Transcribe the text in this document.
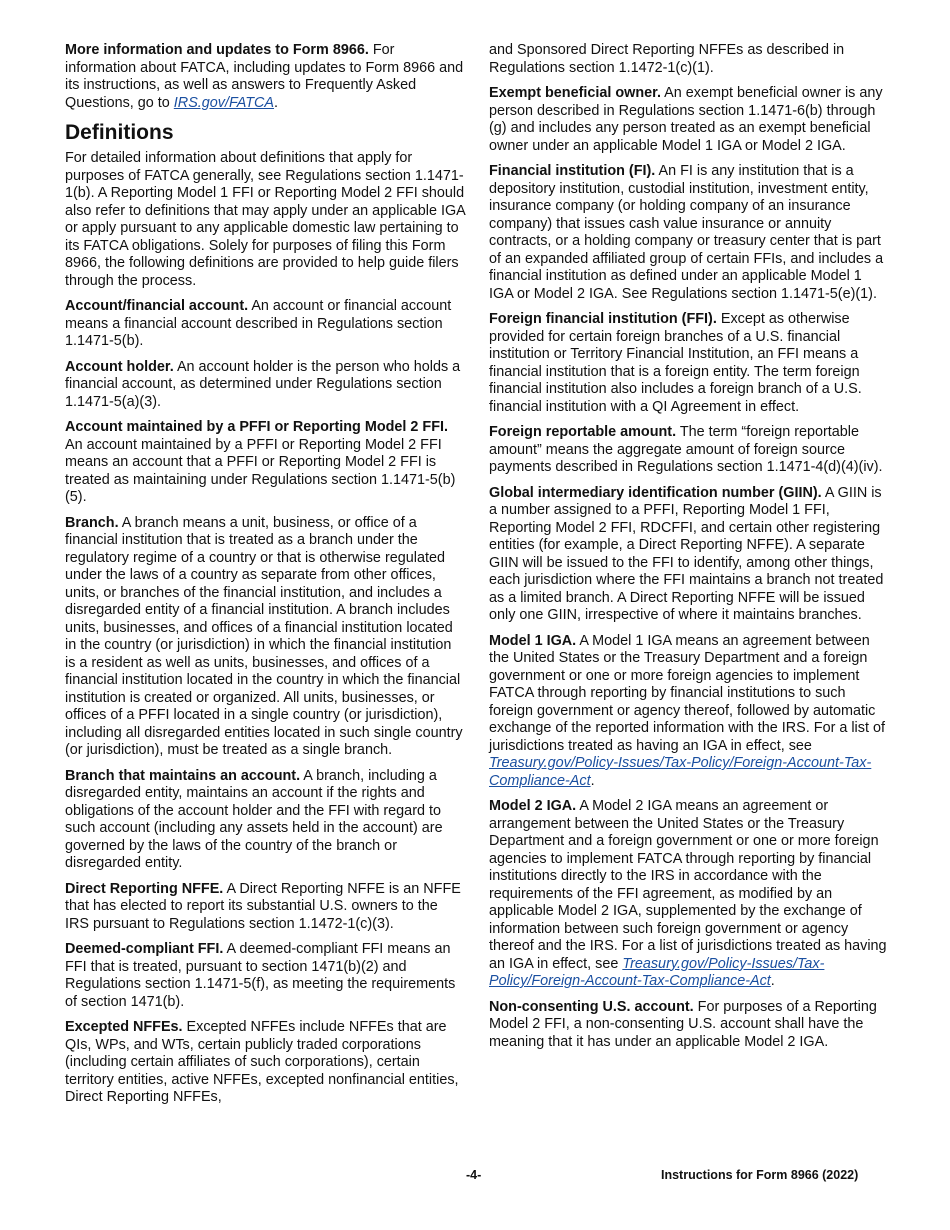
More information and updates to Form 8966. For information about FATCA, including updates to Form 8966 and its instructions, as well as answers to Frequently Asked Questions, go to IRS.gov/FATCA.

Definitions

For detailed information about definitions that apply for purposes of FATCA generally, see Regulations section 1.1471-1(b). A Reporting Model 1 FFI or Reporting Model 2 FFI should also refer to definitions that may apply under an applicable IGA or apply pursuant to any applicable domestic law pertaining to its FATCA obligations. Solely for purposes of filing this Form 8966, the following definitions are provided to help guide filers through the process.

Account/financial account. An account or financial account means a financial account described in Regulations section 1.1471-5(b).

Account holder. An account holder is the person who holds a financial account, as determined under Regulations section 1.1471-5(a)(3).

Account maintained by a PFFI or Reporting Model 2 FFI. An account maintained by a PFFI or Reporting Model 2 FFI means an account that a PFFI or Reporting Model 2 FFI is treated as maintaining under Regulations section 1.1471-5(b)(5).

Branch. A branch means a unit, business, or office of a financial institution that is treated as a branch under the regulatory regime of a country or that is otherwise regulated under the laws of a country as separate from other offices, units, or branches of the financial institution, and includes a disregarded entity of a financial institution. A branch includes units, businesses, and offices of a financial institution located in the country (or jurisdiction) in which the financial institution is a resident as well as units, businesses, and offices of a financial institution located in the country in which the financial institution is created or organized. All units, businesses, or offices of a PFFI located in a single country (or jurisdiction), including all disregarded entities located in such single country (or jurisdiction), must be treated as a single branch.

Branch that maintains an account. A branch, including a disregarded entity, maintains an account if the rights and obligations of the account holder and the FFI with regard to such account (including any assets held in the account) are governed by the laws of the country of the branch or disregarded entity.

Direct Reporting NFFE. A Direct Reporting NFFE is an NFFE that has elected to report its substantial U.S. owners to the IRS pursuant to Regulations section 1.1472-1(c)(3).

Deemed-compliant FFI. A deemed-compliant FFI means an FFI that is treated, pursuant to section 1471(b)(2) and Regulations section 1.1471-5(f), as meeting the requirements of section 1471(b).

Excepted NFFEs. Excepted NFFEs include NFFEs that are QIs, WPs, and WTs, certain publicly traded corporations (including certain affiliates of such corporations), certain territory entities, active NFFEs, excepted nonfinancial entities, Direct Reporting NFFEs,

and Sponsored Direct Reporting NFFEs as described in Regulations section 1.1472-1(c)(1).

Exempt beneficial owner. An exempt beneficial owner is any person described in Regulations section 1.1471-6(b) through (g) and includes any person treated as an exempt beneficial owner under an applicable Model 1 IGA or Model 2 IGA.

Financial institution (FI). An FI is any institution that is a depository institution, custodial institution, investment entity, insurance company (or holding company of an insurance company) that issues cash value insurance or annuity contracts, or a holding company or treasury center that is part of an expanded affiliated group of certain FFIs, and includes a financial institution as defined under an applicable Model 1 IGA or Model 2 IGA. See Regulations section 1.1471-5(e)(1).

Foreign financial institution (FFI). Except as otherwise provided for certain foreign branches of a U.S. financial institution or Territory Financial Institution, an FFI means a financial institution that is a foreign entity. The term foreign financial institution also includes a foreign branch of a U.S. financial institution with a QI Agreement in effect.

Foreign reportable amount. The term “foreign reportable amount” means the aggregate amount of foreign source payments described in Regulations section 1.1471-4(d)(4)(iv).

Global intermediary identification number (GIIN). A GIIN is a number assigned to a PFFI, Reporting Model 1 FFI, Reporting Model 2 FFI, RDCFFI, and certain other registering entities (for example, a Direct Reporting NFFE). A separate GIIN will be issued to the FFI to identify, among other things, each jurisdiction where the FFI maintains a branch not treated as a limited branch. A Direct Reporting NFFE will be issued only one GIIN, irrespective of where it maintains branches.

Model 1 IGA. A Model 1 IGA means an agreement between the United States or the Treasury Department and a foreign government or one or more foreign agencies to implement FATCA through reporting by financial institutions to such foreign government or agency thereof, followed by automatic exchange of the reported information with the IRS. For a list of jurisdictions treated as having an IGA in effect, see Treasury.gov/Policy-Issues/Tax-Policy/Foreign-Account-Tax-Compliance-Act.

Model 2 IGA. A Model 2 IGA means an agreement or arrangement between the United States or the Treasury Department and a foreign government or one or more foreign agencies to implement FATCA through reporting by financial institutions directly to the IRS in accordance with the requirements of the FFI agreement, as modified by an applicable Model 2 IGA, supplemented by the exchange of information between such foreign government or agency thereof and the IRS. For a list of jurisdictions treated as having an IGA in effect, see Treasury.gov/Policy-Issues/Tax-Policy/Foreign-Account-Tax-Compliance-Act.

Non-consenting U.S. account. For purposes of a Reporting Model 2 FFI, a non-consenting U.S. account shall have the meaning that it has under an applicable Model 2 IGA.

-4-	Instructions for Form 8966 (2022)
